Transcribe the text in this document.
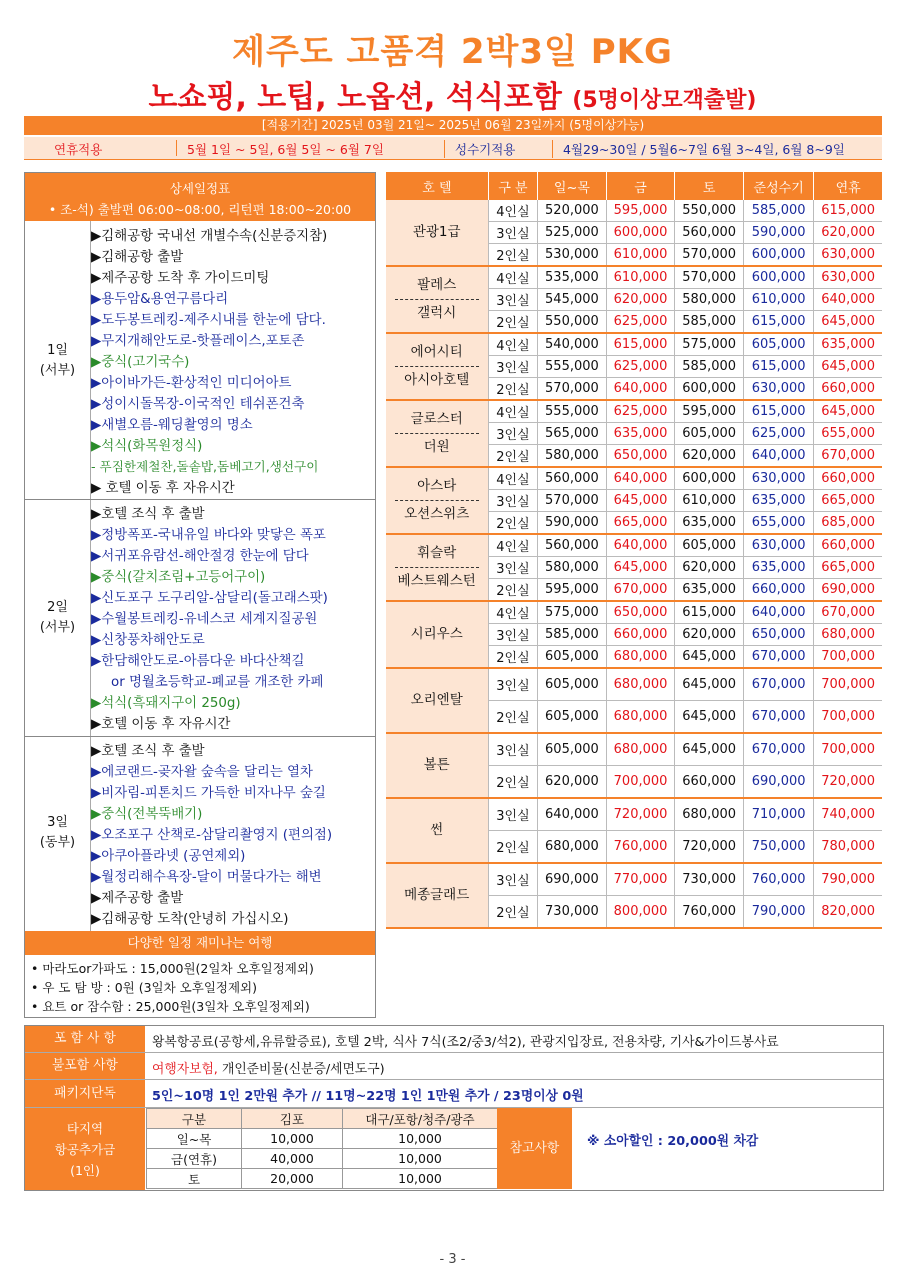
제주도 고품격 2박3일 PKG
노쇼핑, 노팁, 노옵션, 석식포함 (5명이상모객출발)
[적용기간] 2025년 03월 21일~ 2025년 06월 23일까지 (5명이상가능)
연휴적용	5월 1일 ~ 5일, 6월 5일 ~ 6월 7일	성수기적용	4월29~30일 / 5월6~7일 6월 3~4일, 6월 8~9일
상세일정표
• 조-석) 출발편 06:00~08:00, 리턴편 18:00~20:00
1일
(서부)
▶김해공항 국내선 개별수속(신분증지참)
▶김해공항 출발
▶제주공항 도착 후 가이드미팅
▶용두암&용연구름다리
▶도두봉트레킹-제주시내를 한눈에 담다.
▶무지개해안도로-핫플레이스,포토존
▶중식(고기국수)
▶아이바가든-환상적인 미디어아트
▶성이시돌목장-이국적인 테쉬폰건축
▶새별오름-웨딩촬영의 명소
▶석식(화목원정식)
- 푸짐한제철찬,돌솥밥,돔베고기,생선구이
▶ 호텔 이동 후 자유시간
2일
(서부)
▶호텔 조식 후 출발
▶정방폭포-국내유일 바다와 맞닿은 폭포
▶서귀포유람선-해안절경 한눈에 담다
▶중식(갈치조림+고등어구이)
▶신도포구 도구리알-삼달리(돌고래스팟)
▶수월봉트레킹-유네스코 세계지질공원
▶신창풍차해안도로
▶한담해안도로-아름다운 바다산책길
or 명월초등학교-폐교를 개조한 카페
▶석식(흑돼지구이 250g)
▶호텔 이동 후 자유시간
3일
(동부)
▶호텔 조식 후 출발
▶에코랜드-곶자왈 숲속을 달리는 열차
▶비자림-피톤치드 가득한 비자나무 숲길
▶중식(전복뚝배기)
▶오조포구 산책로-삼달리촬영지 (편의점)
▶아쿠아플라넷 (공연제외)
▶월정리해수욕장-달이 머물다가는 해변
▶제주공항 출발
▶김해공항 도착(안녕히 가십시오)
다양한 일정 재미나는 여행
• 마라도or가파도 : 15,000원(2일차 오후일정제외)
• 우 도 탐 방 : 0원 (3일차 오후일정제외)
• 요트 or 잠수함 : 25,000원(3일차 오후일정제외)
호 텔	구 분	일~목	금	토	준성수기	연휴

관광1급	4인실	520,000	595,000	550,000	585,000	615,000
	3인실	525,000	600,000	560,000	590,000	620,000
	2인실	530,000	610,000	570,000	600,000	630,000

팔레스
갤럭시	4인실	535,000	610,000	570,000	600,000	630,000
	3인실	545,000	620,000	580,000	610,000	640,000
	2인실	550,000	625,000	585,000	615,000	645,000

에어시티
아시아호텔	4인실	540,000	615,000	575,000	605,000	635,000
	3인실	555,000	625,000	585,000	615,000	645,000
	2인실	570,000	640,000	600,000	630,000	660,000

글로스터
더원	4인실	555,000	625,000	595,000	615,000	645,000
	3인실	565,000	635,000	605,000	625,000	655,000
	2인실	580,000	650,000	620,000	640,000	670,000

아스타
오션스위츠	4인실	560,000	640,000	600,000	630,000	660,000
	3인실	570,000	645,000	610,000	635,000	665,000
	2인실	590,000	665,000	635,000	655,000	685,000

휘슬락
베스트웨스턴	4인실	560,000	640,000	605,000	630,000	660,000
	3인실	580,000	645,000	620,000	635,000	665,000
	2인실	595,000	670,000	635,000	660,000	690,000

시리우스	4인실	575,000	650,000	615,000	640,000	670,000
	3인실	585,000	660,000	620,000	650,000	680,000
	2인실	605,000	680,000	645,000	670,000	700,000

오리엔탈	3인실	605,000	680,000	645,000	670,000	700,000
	2인실	605,000	680,000	645,000	670,000	700,000

볼튼	3인실	605,000	680,000	645,000	670,000	700,000
	2인실	620,000	700,000	660,000	690,000	720,000

썬	3인실	640,000	720,000	680,000	710,000	740,000
	2인실	680,000	760,000	720,000	750,000	780,000

메종글래드	3인실	690,000	770,000	730,000	760,000	790,000
	2인실	730,000	800,000	760,000	790,000	820,000
포 함 사 항	왕복항공료(공항세,유류할증료), 호텔 2박, 식사 7식(조2/중3/석2), 관광지입장료, 전용차량, 기사&가이드봉사료
불포함 사항	여행자보험, 개인준비물(신분증/세면도구)
패키지단독	5인~10명 1인 2만원 추가 // 11명~22명 1인 1만원 추가 / 23명이상 0원
타지역
항공추가금
(1인)
구분	김포	대구/포항/청주/광주
일~목	10,000	10,000
금(연휴)	40,000	10,000
토	20,000	10,000
참고사항	※ 소아할인 : 20,000원 차감
- 3 -
